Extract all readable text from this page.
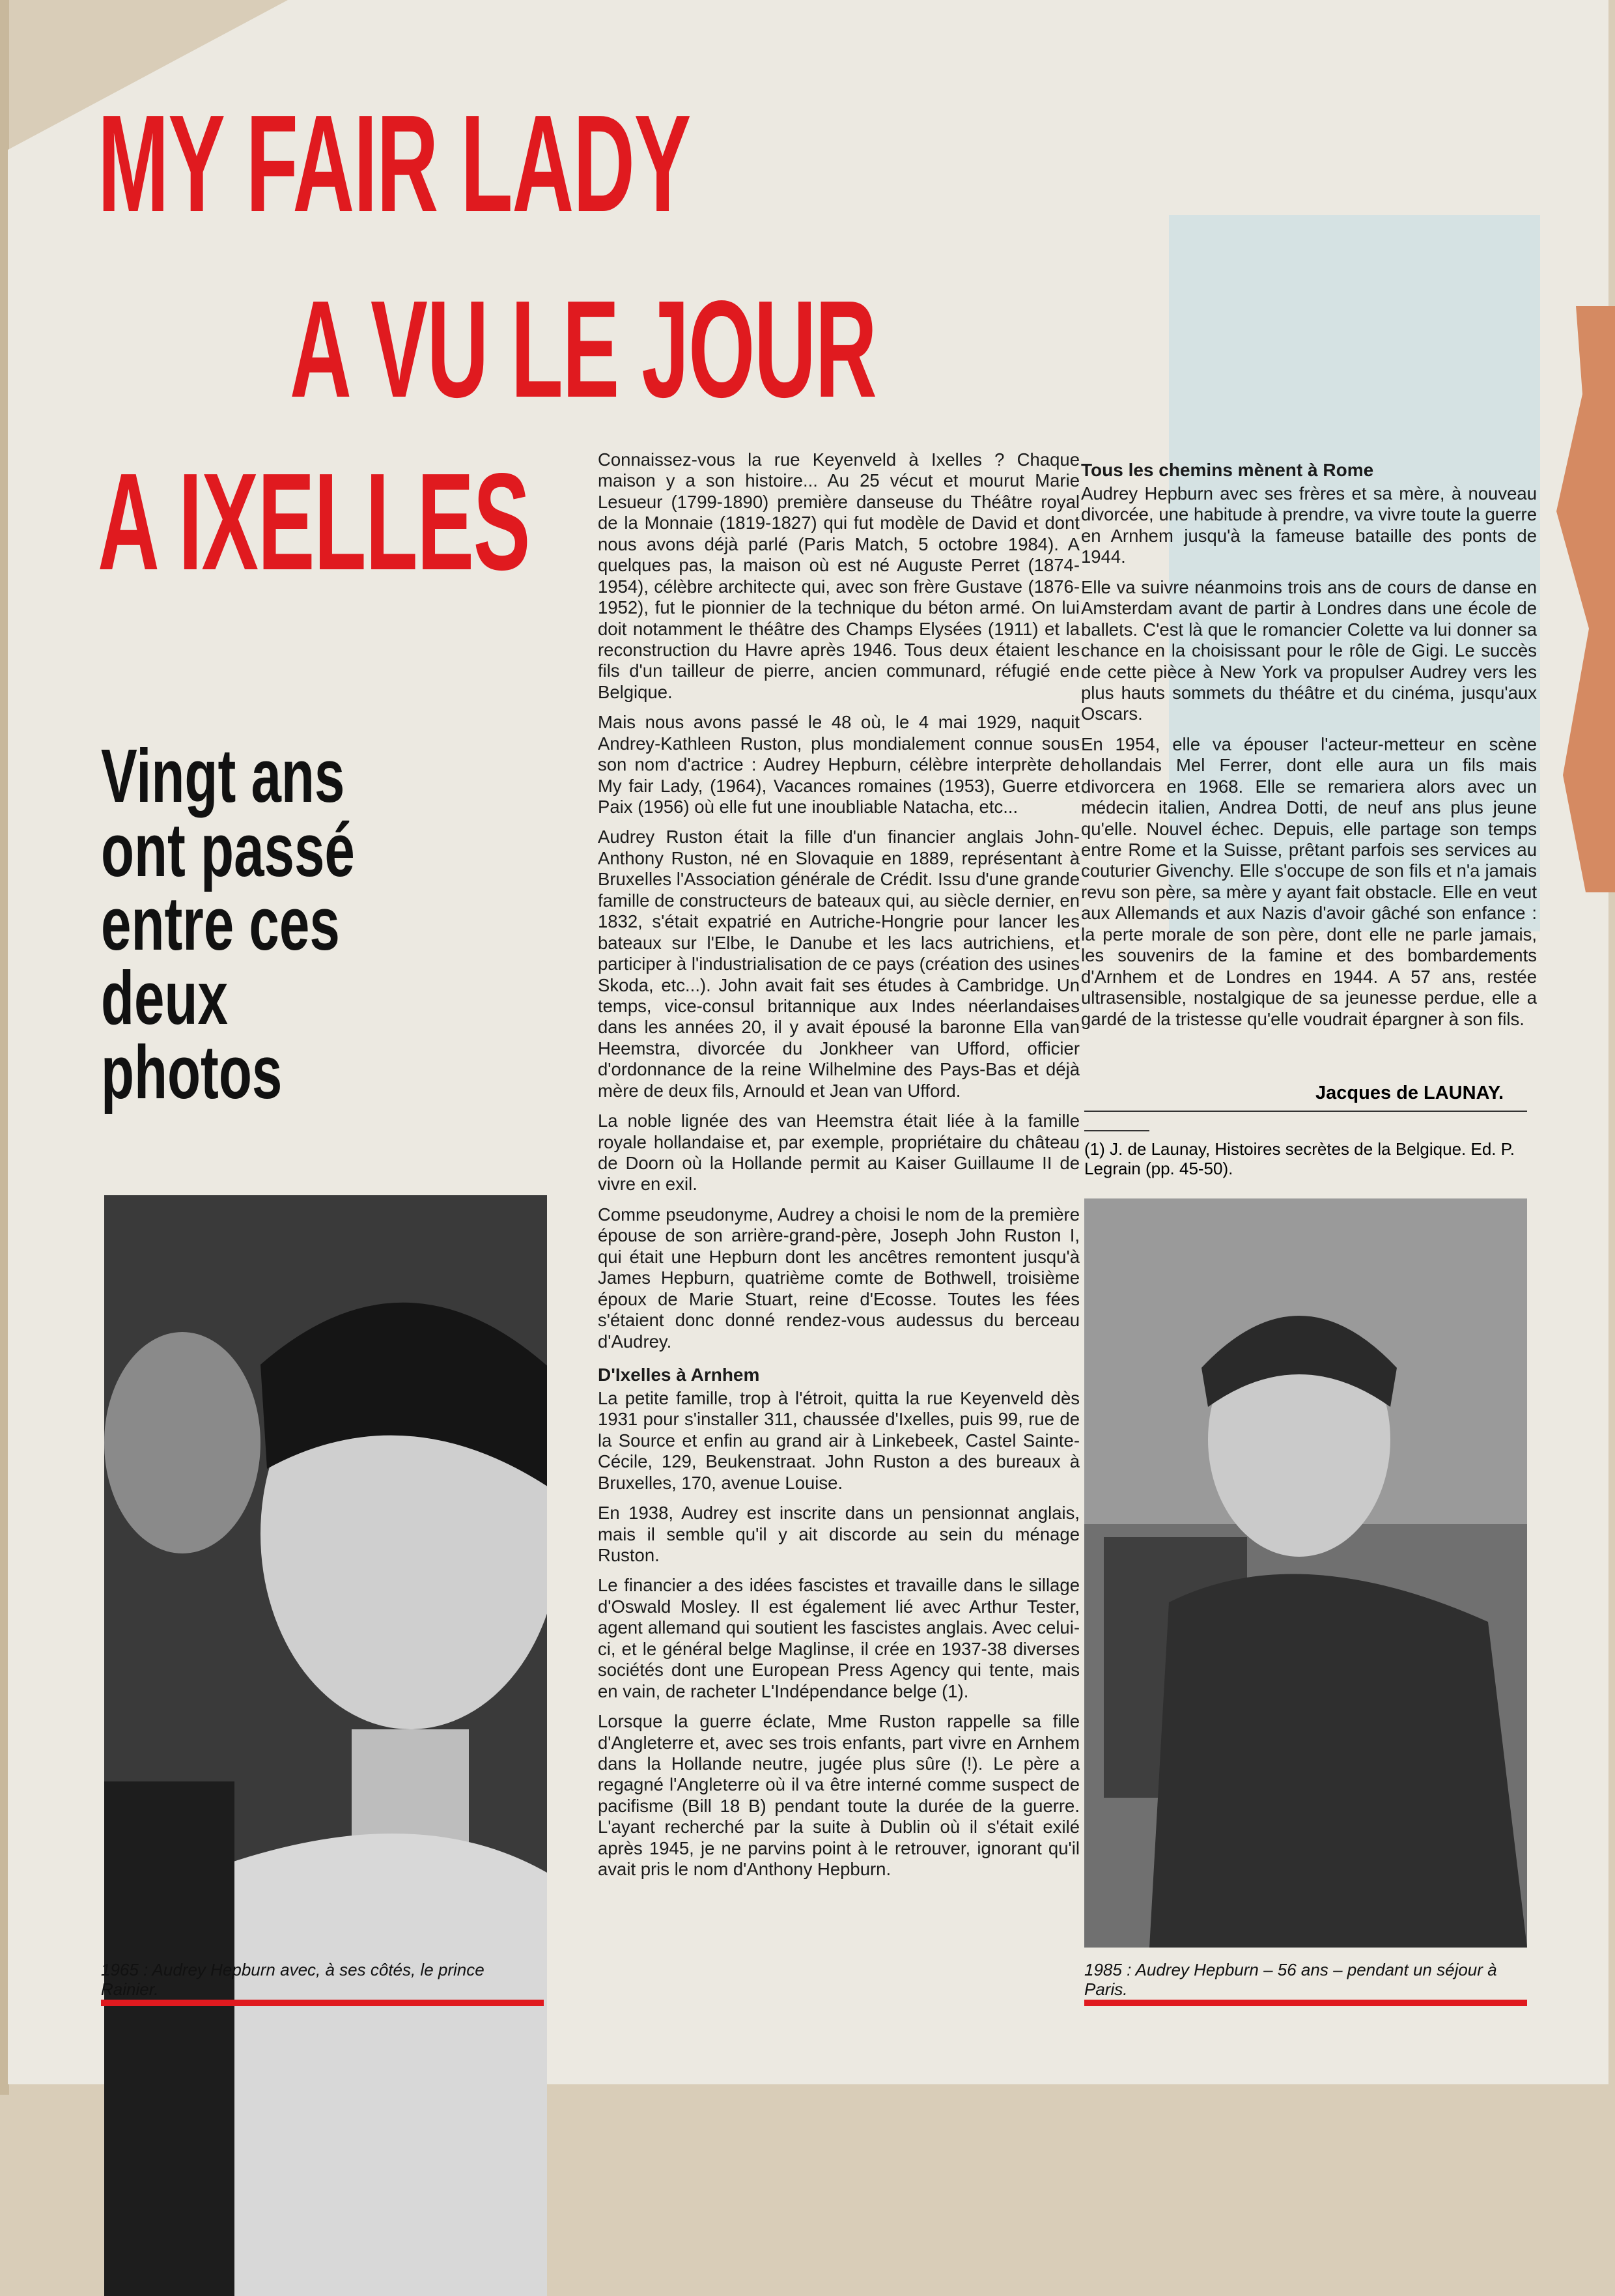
MY FAIR LADY
A VU LE JOUR
A IXELLES
Vingt ans ont passé entre ces deux photos

Connaissez-vous la rue Keyenveld à Ixelles ? Chaque maison y a son histoire... Au 25 vécut et mourut Marie Lesueur (1799-1890) première danseuse du Théâtre royal de la Monnaie (1819-1827) qui fut modèle de David et dont nous avons déjà parlé (Paris Match, 5 octobre 1984). A quelques pas, la maison où est né Auguste Perret (1874-1954), célèbre architecte qui, avec son frère Gustave (1876-1952), fut le pionnier de la technique du béton armé. On lui doit notamment le théâtre des Champs Elysées (1911) et la reconstruction du Havre après 1946. Tous deux étaient les fils d'un tailleur de pierre, ancien communard, réfugié en Belgique.

Mais nous avons passé le 48 où, le 4 mai 1929, naquit Andrey-Kathleen Ruston, plus mondialement connue sous son nom d'actrice : Audrey Hepburn, célèbre interprète de My fair Lady, (1964), Vacances romaines (1953), Guerre et Paix (1956) où elle fut une inoubliable Natacha, etc...

Audrey Ruston était la fille d'un financier anglais John-Anthony Ruston, né en Slovaquie en 1889, représentant à Bruxelles l'Association générale de Crédit. Issu d'une grande famille de constructeurs de bateaux qui, au siècle dernier, en 1832, s'était expatrié en Autriche-Hongrie pour lancer les bateaux sur l'Elbe, le Danube et les lacs autrichiens, et participer à l'industrialisation de ce pays (création des usines Skoda, etc...). John avait fait ses études à Cambridge. Un temps, vice-consul britannique aux Indes néerlandaises dans les années 20, il y avait épousé la baronne Ella van Heemstra, divorcée du Jonkheer van Ufford, officier d'ordonnance de la reine Wilhelmine des Pays-Bas et déjà mère de deux fils, Arnould et Jean van Ufford.

La noble lignée des van Heemstra était liée à la famille royale hollandaise et, par exemple, propriétaire du château de Doorn où la Hollande permit au Kaiser Guillaume II de vivre en exil.

Comme pseudonyme, Audrey a choisi le nom de la première épouse de son arrière-grand-père, Joseph John Ruston I, qui était une Hepburn dont les ancêtres remontent jusqu'à James Hepburn, quatrième comte de Bothwell, troisième époux de Marie Stuart, reine d'Ecosse. Toutes les fées s'étaient donc donné rendez-vous audessus du berceau d'Audrey.

D'Ixelles à Arnhem

La petite famille, trop à l'étroit, quitta la rue Keyenveld dès 1931 pour s'installer 311, chaussée d'Ixelles, puis 99, rue de la Source et enfin au grand air à Linkebeek, Castel Sainte-Cécile, 129, Beukenstraat. John Ruston a des bureaux à Bruxelles, 170, avenue Louise.

En 1938, Audrey est inscrite dans un pensionnat anglais, mais il semble qu'il y ait discorde au sein du ménage Ruston.

Le financier a des idées fascistes et travaille dans le sillage d'Oswald Mosley. Il est également lié avec Arthur Tester, agent allemand qui soutient les fascistes anglais. Avec celui-ci, et le général belge Maglinse, il crée en 1937-38 diverses sociétés dont une European Press Agency qui tente, mais en vain, de racheter L'Indépendance belge (1).

Lorsque la guerre éclate, Mme Ruston rappelle sa fille d'Angleterre et, avec ses trois enfants, part vivre en Arnhem dans la Hollande neutre, jugée plus sûre (!). Le père a regagné l'Angleterre où il va être interné comme suspect de pacifisme (Bill 18 B) pendant toute la durée de la guerre. L'ayant recherché par la suite à Dublin où il s'était exilé après 1945, je ne parvins point à le retrouver, ignorant qu'il avait pris le nom d'Anthony Hepburn.

Tous les chemins mènent à Rome

Audrey Hepburn avec ses frères et sa mère, à nouveau divorcée, une habitude à prendre, va vivre toute la guerre en Arnhem jusqu'à la fameuse bataille des ponts de 1944.

Elle va suivre néanmoins trois ans de cours de danse en Amsterdam avant de partir à Londres dans une école de ballets. C'est là que le romancier Colette va lui donner sa chance en la choisissant pour le rôle de Gigi. Le succès de cette pièce à New York va propulser Audrey vers les plus hauts sommets du théâtre et du cinéma, jusqu'aux Oscars.

En 1954, elle va épouser l'acteur-metteur en scène hollandais Mel Ferrer, dont elle aura un fils mais divorcera en 1968. Elle se remariera alors avec un médecin italien, Andrea Dotti, de neuf ans plus jeune qu'elle. Nouvel échec. Depuis, elle partage son temps entre Rome et la Suisse, prêtant parfois ses services au couturier Givenchy. Elle s'occupe de son fils et n'a jamais revu son père, sa mère y ayant fait obstacle. Elle en veut aux Allemands et aux Nazis d'avoir gâché son enfance : la perte morale de son père, dont elle ne parle jamais, les souvenirs de la famine et des bombardements d'Arnhem et de Londres en 1944. A 57 ans, restée ultrasensible, nostalgique de sa jeunesse perdue, elle a gardé de la tristesse qu'elle voudrait épargner à son fils.

Jacques de LAUNAY.
(1) J. de Launay, Histoires secrètes de la Belgique. Ed. P. Legrain (pp. 45-50).
1965 : Audrey Hepburn avec, à ses côtés, le prince Rainier.
1985 : Audrey Hepburn – 56 ans – pendant un séjour à Paris.
